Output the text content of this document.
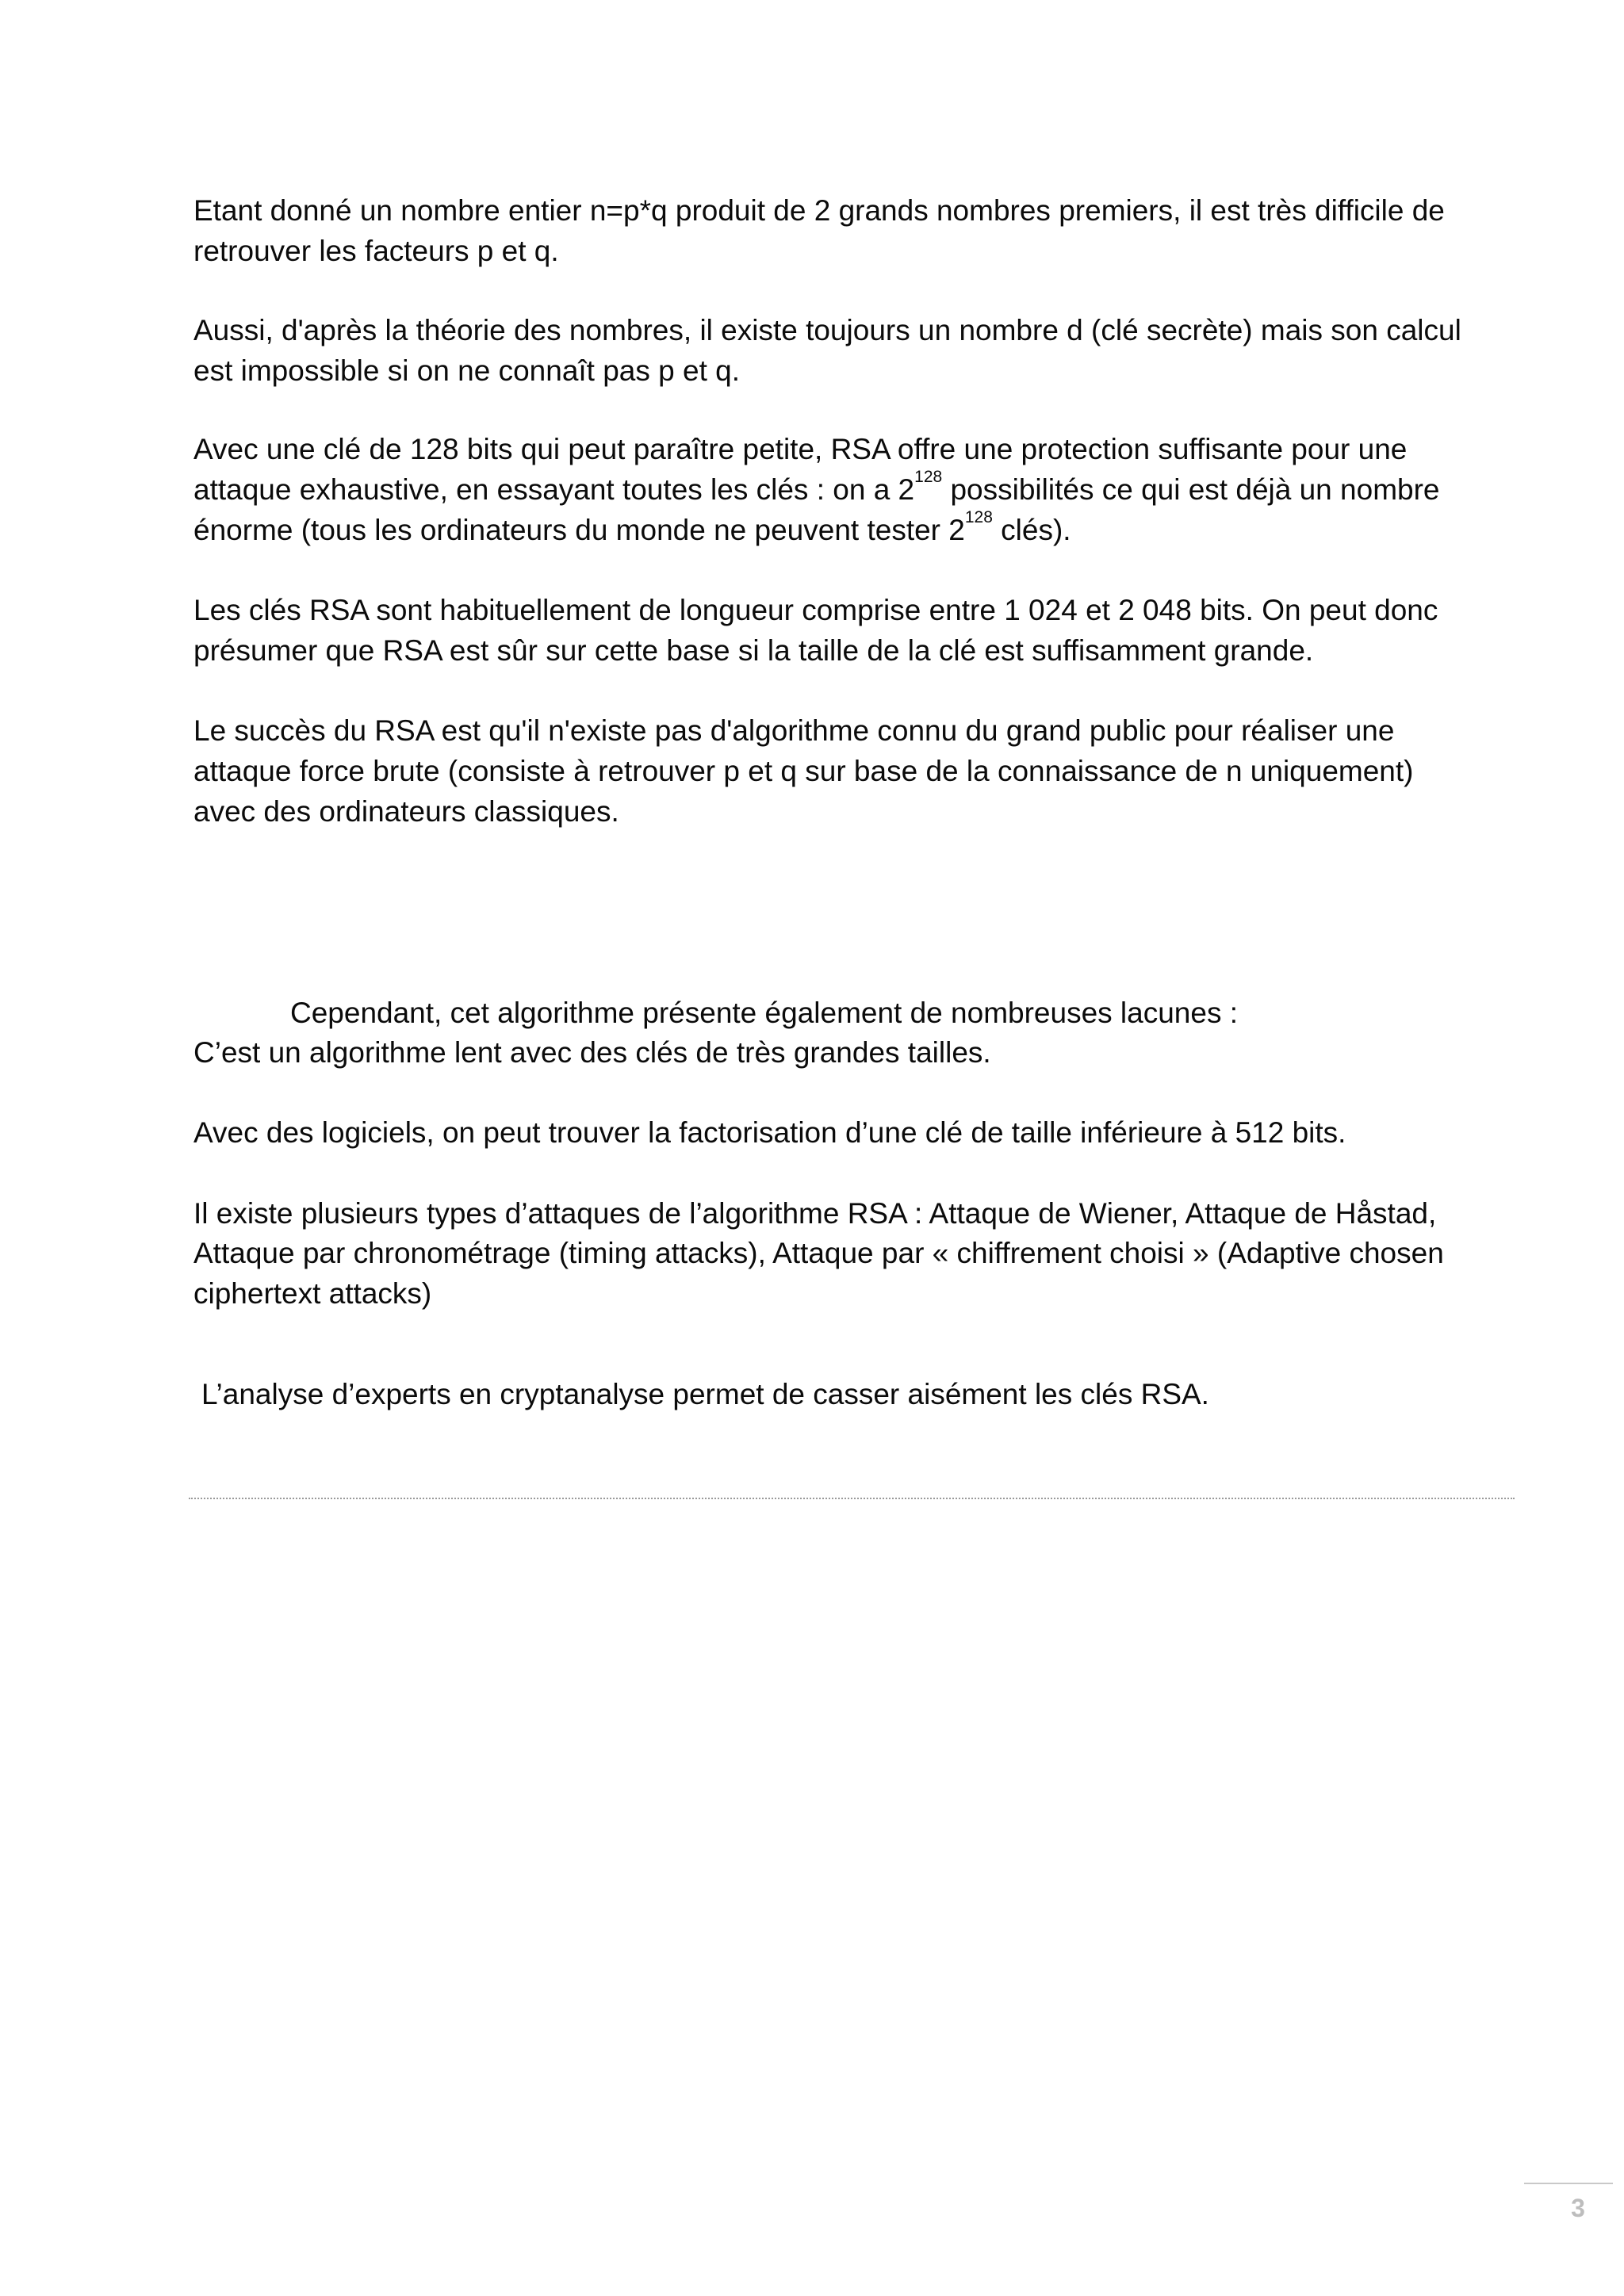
Etant donné un nombre entier n=p*q produit de 2 grands nombres premiers, il est très difficile de
retrouver les facteurs p et q.
Aussi, d'après la théorie des nombres, il existe toujours un nombre d (clé secrète) mais son calcul
est impossible si on ne connaît pas p et q.
Avec une clé de 128 bits qui peut paraître petite, RSA offre une protection suffisante pour une
attaque exhaustive, en essayant toutes les clés : on a $2^{128}$ possibilités ce qui est déjà un nombre
énorme (tous les ordinateurs du monde ne peuvent tester $2^{128}$ clés).
Les clés RSA sont habituellement de longueur comprise entre 1 024 et 2 048 bits. On peut donc
présumer que RSA est sûr sur cette base si la taille de la clé est suffisamment grande.
Le succès du RSA est qu'il n'existe pas d'algorithme connu du grand public pour réaliser une
attaque force brute (consiste à retrouver p et q sur base de la connaissance de n uniquement)
avec des ordinateurs classiques.
Cependant, cet algorithme présente également de nombreuses lacunes :
C’est un algorithme lent avec des clés de très grandes tailles.
Avec des logiciels, on peut trouver la factorisation d’une clé de taille inférieure à 512 bits.
Il existe plusieurs types d’attaques de l’algorithme RSA : Attaque de Wiener, Attaque de Håstad,
Attaque par chronométrage (timing attacks), Attaque par « chiffrement choisi » (Adaptive chosen
ciphertext attacks)
L’analyse d’experts en cryptanalyse permet de casser aisément les clés RSA.
3
